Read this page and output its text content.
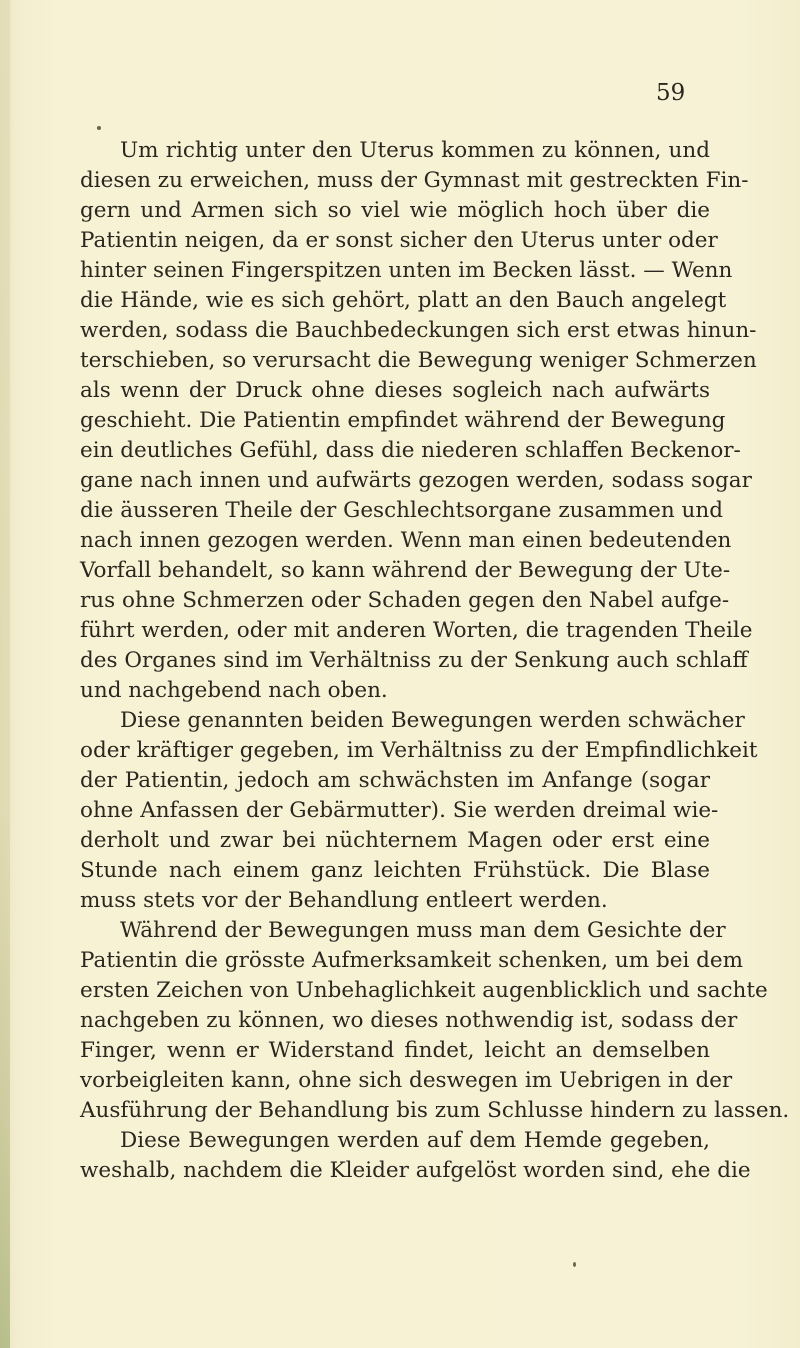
59
Um richtig unter den Uterus kommen zu können, und
diesen zu erweichen, muss der Gymnast mit gestreckten Fin-
gern und Armen sich so viel wie möglich hoch über die
Patientin neigen, da er sonst sicher den Uterus unter oder
hinter seinen Fingerspitzen unten im Becken lässt. — Wenn
die Hände, wie es sich gehört, platt an den Bauch angelegt
werden, sodass die Bauchbedeckungen sich erst etwas hinun-
terschieben, so verursacht die Bewegung weniger Schmerzen
als wenn der Druck ohne dieses sogleich nach aufwärts
geschieht. Die Patientin empfindet während der Bewegung
ein deutliches Gefühl, dass die niederen schlaffen Beckenor-
gane nach innen und aufwärts gezogen werden, sodass sogar
die äusseren Theile der Geschlechtsorgane zusammen und
nach innen gezogen werden. Wenn man einen bedeutenden
Vorfall behandelt, so kann während der Bewegung der Ute-
rus ohne Schmerzen oder Schaden gegen den Nabel aufge-
führt werden, oder mit anderen Worten, die tragenden Theile
des Organes sind im Verhältniss zu der Senkung auch schlaff
und nachgebend nach oben.
Diese genannten beiden Bewegungen werden schwächer
oder kräftiger gegeben, im Verhältniss zu der Empfindlichkeit
der Patientin, jedoch am schwächsten im Anfange (sogar
ohne Anfassen der Gebärmutter). Sie werden dreimal wie-
derholt und zwar bei nüchternem Magen oder erst eine
Stunde nach einem ganz leichten Frühstück. Die Blase
muss stets vor der Behandlung entleert werden.
Während der Bewegungen muss man dem Gesichte der
Patientin die grösste Aufmerksamkeit schenken, um bei dem
ersten Zeichen von Unbehaglichkeit augenblicklich und sachte
nachgeben zu können, wo dieses nothwendig ist, sodass der
Finger, wenn er Widerstand findet, leicht an demselben
vorbeigleiten kann, ohne sich deswegen im Uebrigen in der
Ausführung der Behandlung bis zum Schlusse hindern zu lassen.
Diese Bewegungen werden auf dem Hemde gegeben,
weshalb, nachdem die Kleider aufgelöst worden sind, ehe die
